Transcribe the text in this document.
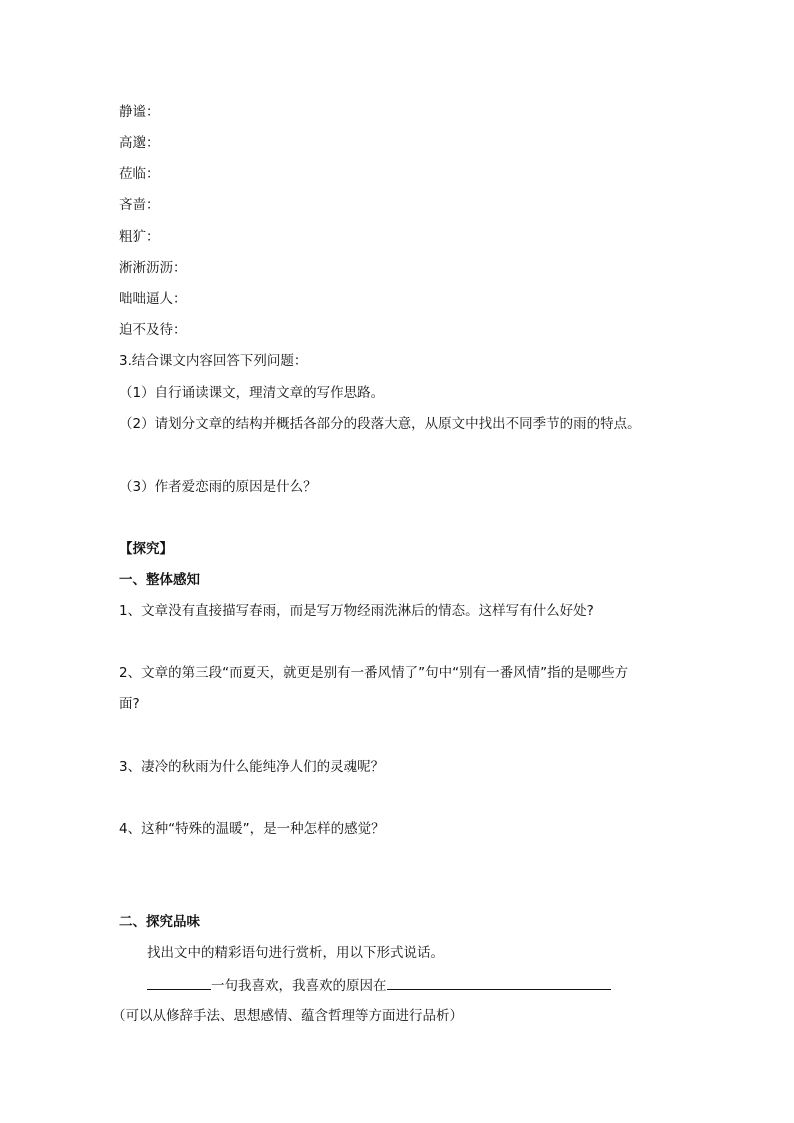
静谧：
高邈：
莅临：
吝啬：
粗犷：
淅淅沥沥：
咄咄逼人：
迫不及待：
3.结合课文内容回答下列问题：
（1）自行诵读课文，理清文章的写作思路。
（2）请划分文章的结构并概括各部分的段落大意，从原文中找出不同季节的雨的特点。
（3）作者爱恋雨的原因是什么？
【探究】
一、整体感知
1、文章没有直接描写春雨，而是写万物经雨洗淋后的情态。这样写有什么好处?
2、文章的第三段“而夏天，就更是别有一番风情了”句中“别有一番风情”指的是哪些方
面?
3、凄冷的秋雨为什么能纯净人们的灵魂呢？
4、这种“特殊的温暖”，是一种怎样的感觉？
二、探究品味
找出文中的精彩语句进行赏析，用以下形式说话。
一句我喜欢，我喜欢的原因在
（可以从修辞手法、思想感情、蕴含哲理等方面进行品析）
